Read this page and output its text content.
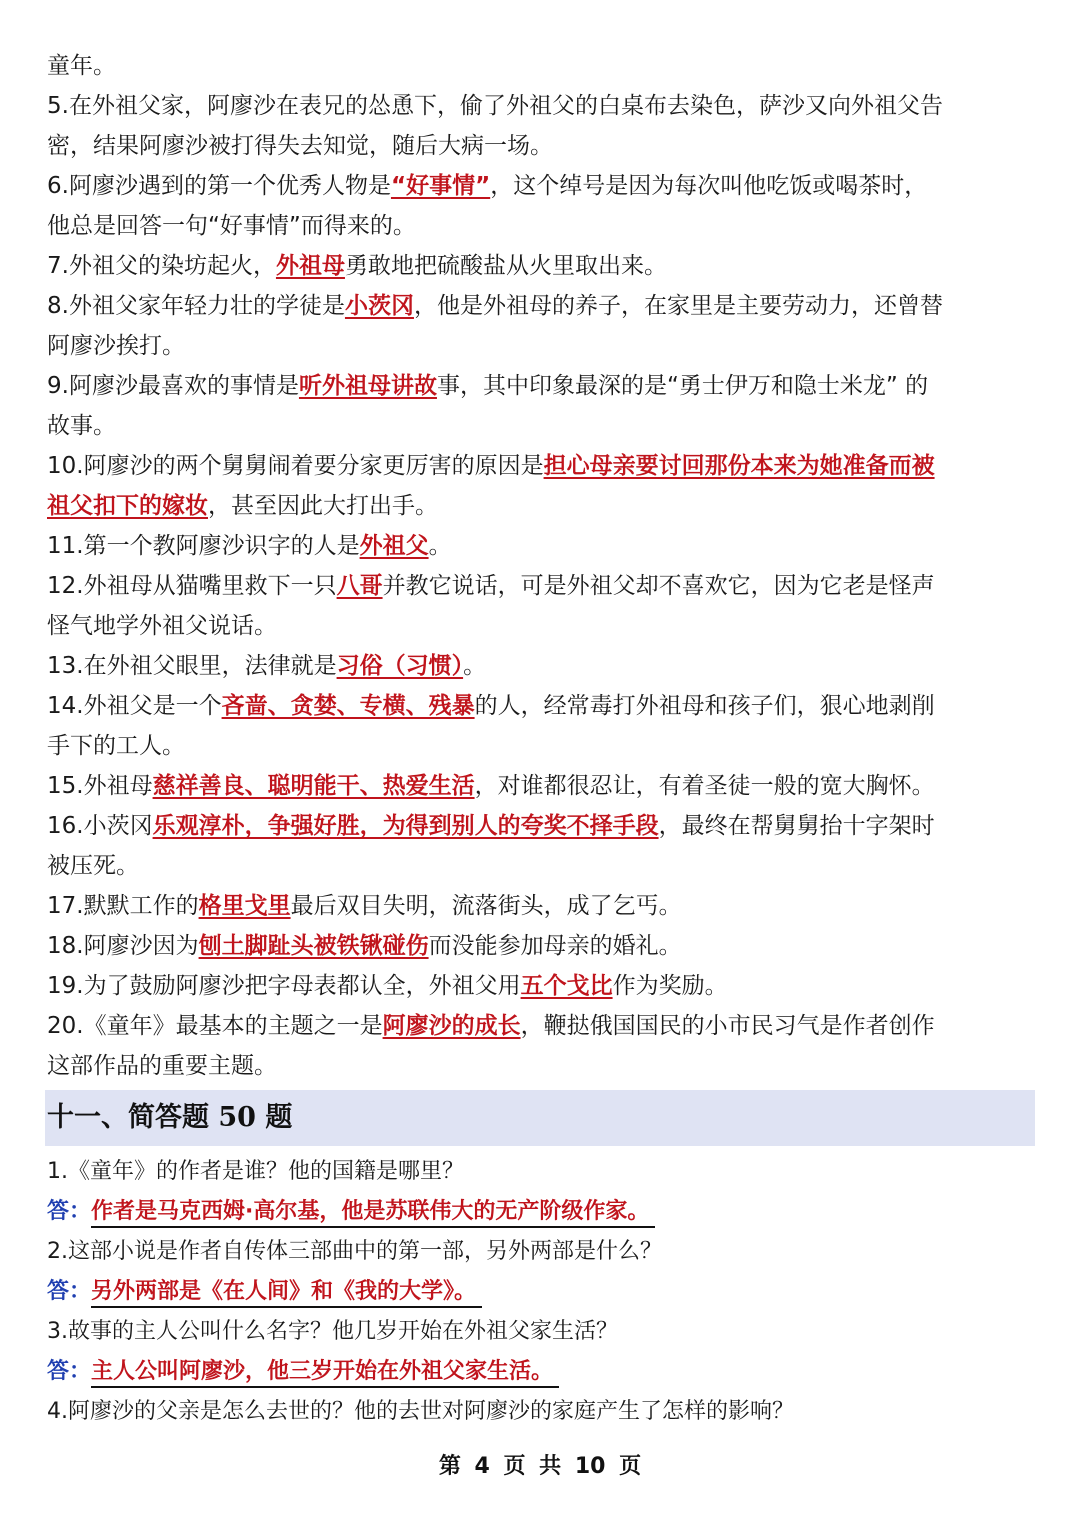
童年。
5.在外祖父家，阿廖沙在表兄的怂恿下，偷了外祖父的白桌布去染色，萨沙又向外祖父告
密，结果阿廖沙被打得失去知觉，随后大病一场。
6.阿廖沙遇到的第一个优秀人物是“好事情”，这个绰号是因为每次叫他吃饭或喝茶时，
他总是回答一句“好事情”而得来的。
7.外祖父的染坊起火，外祖母勇敢地把硫酸盐从火里取出来。
8.外祖父家年轻力壮的学徒是小茨冈，他是外祖母的养子，在家里是主要劳动力，还曾替
阿廖沙挨打。
9.阿廖沙最喜欢的事情是听外祖母讲故事，其中印象最深的是“勇士伊万和隐士米龙” 的
故事。
10.阿廖沙的两个舅舅闹着要分家更厉害的原因是担心母亲要讨回那份本来为她准备而被
祖父扣下的嫁妆，甚至因此大打出手。
11.第一个教阿廖沙识字的人是外祖父。
12.外祖母从猫嘴里救下一只八哥并教它说话，可是外祖父却不喜欢它，因为它老是怪声
怪气地学外祖父说话。
13.在外祖父眼里，法律就是习俗（习惯）。
14.外祖父是一个吝啬、贪婪、专横、残暴的人，经常毒打外祖母和孩子们，狠心地剥削
手下的工人。
15.外祖母慈祥善良、聪明能干、热爱生活，对谁都很忍让，有着圣徒一般的宽大胸怀。
16.小茨冈乐观淳朴，争强好胜，为得到别人的夸奖不择手段，最终在帮舅舅抬十字架时
被压死。
17.默默工作的格里戈里最后双目失明，流落街头，成了乞丐。
18.阿廖沙因为刨土脚趾头被铁锹碰伤而没能参加母亲的婚礼。
19.为了鼓励阿廖沙把字母表都认全，外祖父用五个戈比作为奖励。
20.《童年》最基本的主题之一是阿廖沙的成长，鞭挞俄国国民的小市民习气是作者创作
这部作品的重要主题。
十一、简答题 50 题
1.《童年》的作者是谁？他的国籍是哪里？
答：作者是马克西姆·高尔基，他是苏联伟大的无产阶级作家。
2.这部小说是作者自传体三部曲中的第一部，另外两部是什么？
答：另外两部是《在人间》和《我的大学》。
3.故事的主人公叫什么名字？他几岁开始在外祖父家生活？
答：主人公叫阿廖沙，他三岁开始在外祖父家生活。
4.阿廖沙的父亲是怎么去世的？他的去世对阿廖沙的家庭产生了怎样的影响？
第 4 页 共 10 页
